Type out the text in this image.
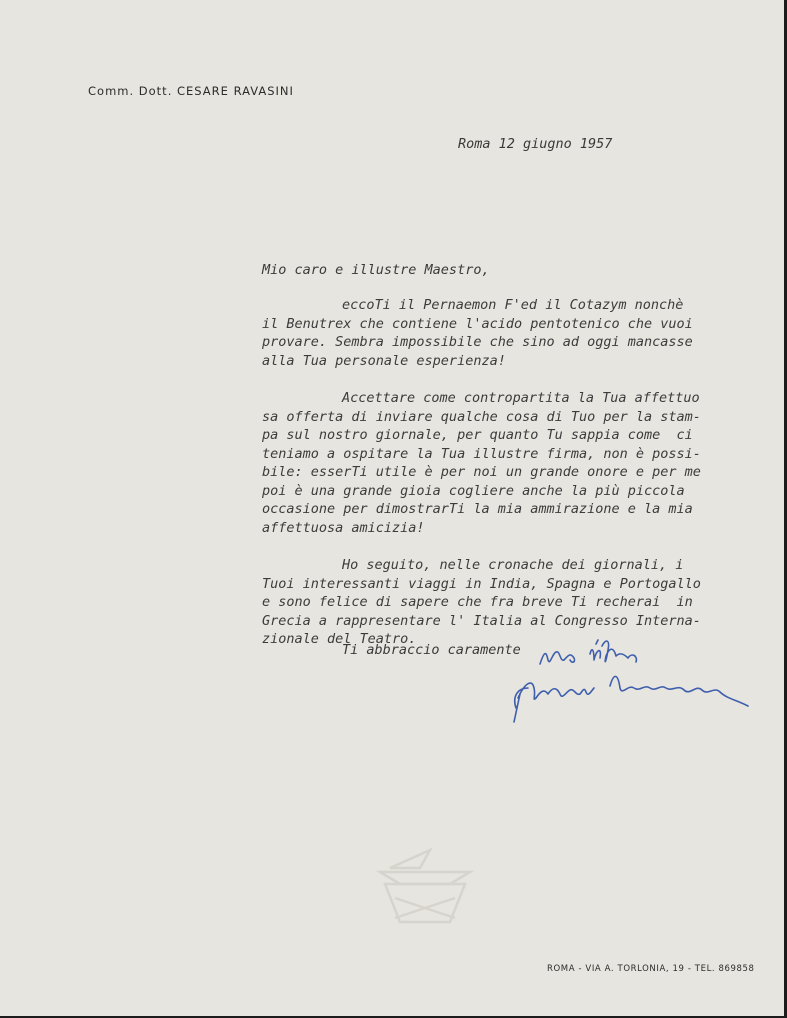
Comm. Dott. CESARE RAVASINI
Roma 12 giugno 1957
Mio caro e illustre Maestro,

eccoTi il Pernaemon F'ed il Cotazym nonchè
il Benutrex che contiene l'acido pentotenico che vuoi
provare. Sembra impossibile che sino ad oggi mancasse
alla Tua personale esperienza!

Accettare come contropartita la Tua affettuo
sa offerta di inviare qualche cosa di Tuo per la stam-
pa sul nostro giornale, per quanto Tu sappia come  ci
teniamo a ospitare la Tua illustre firma, non è possi-
bile: esserTi utile è per noi un grande onore e per me
poi è una grande gioia cogliere anche la più piccola
occasione per dimostrarTi la mia ammirazione e la mia
affettuosa amicizia!

Ho seguito, nelle cronache dei giornali, i
Tuoi interessanti viaggi in India, Spagna e Portogallo
e sono felice di sapere che fra breve Ti recherai  in
Grecia a rappresentare l' Italia al Congresso Interna-
zionale del Teatro.

Ti abbraccio caramente
ROMA - VIA A. TORLONIA, 19 - TEL. 869858
